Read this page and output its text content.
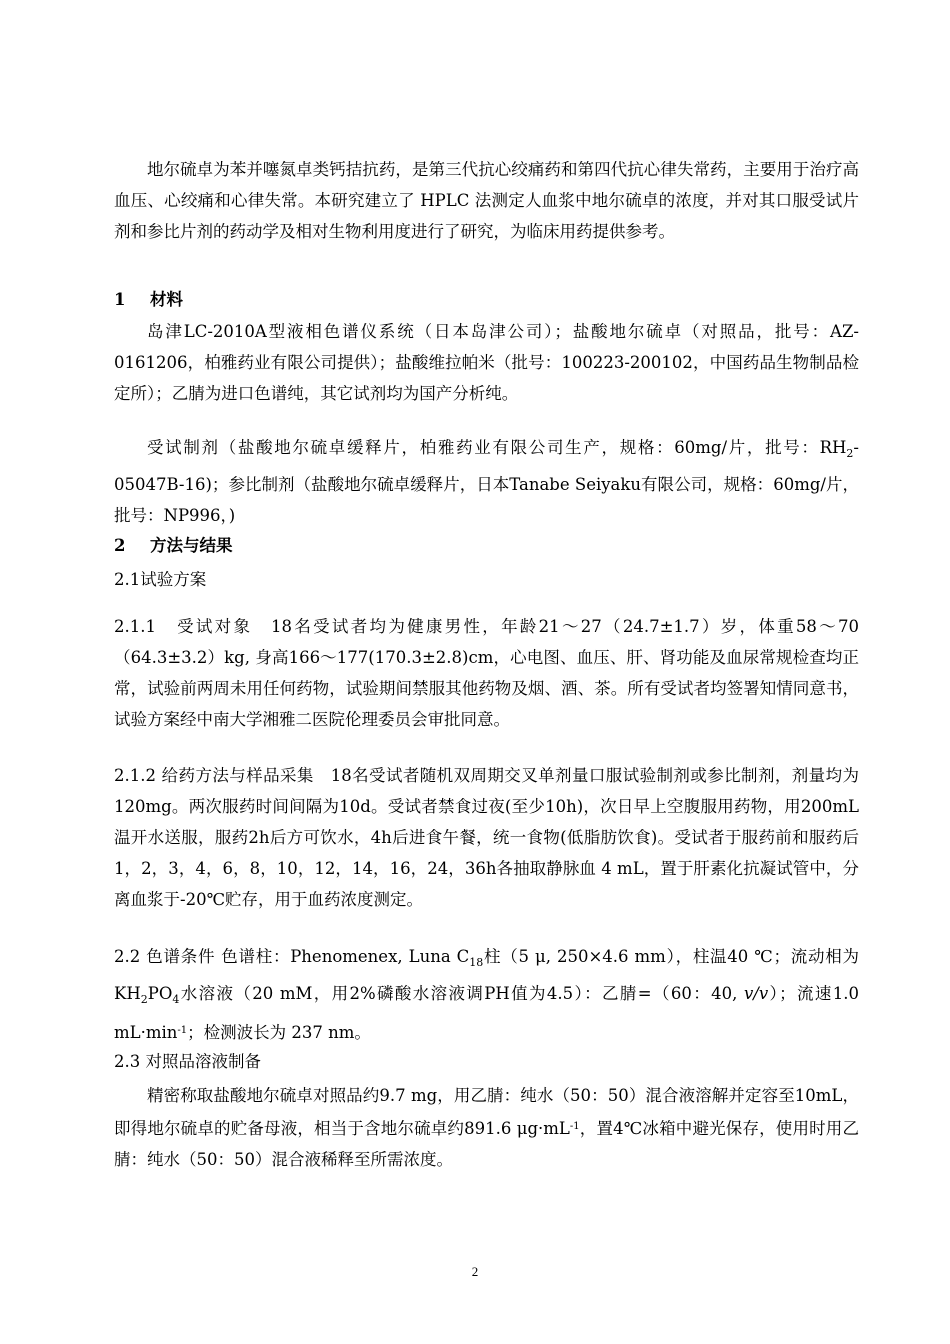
地尔硫卓为苯并噻氮卓类钙拮抗药，是第三代抗心绞痛药和第四代抗心律失常药，主要用于治疗高血压、心绞痛和心律失常。本研究建立了 HPLC 法测定人血浆中地尔硫卓的浓度，并对其口服受试片剂和参比片剂的药动学及相对生物利用度进行了研究，为临床用药提供参考。

1 材料

岛津LC-2010A型液相色谱仪系统（日本岛津公司）；盐酸地尔硫卓（对照品，批号：AZ-0161206，柏雅药业有限公司提供）；盐酸维拉帕米（批号：100223-200102，中国药品生物制品检定所）；乙腈为进口色谱纯，其它试剂均为国产分析纯。

受试制剂（盐酸地尔硫卓缓释片，柏雅药业有限公司生产，规格：60mg/片，批号：$RH_2-05047B-16$)；参比制剂（盐酸地尔硫卓缓释片，日本Tanabe Seiyaku有限公司，规格：60mg/片，批号：NP996，)

2 方法与结果

2.1试验方案

2.1.1　受试对象　18名受试者均为健康男性，年龄21～27（24.7±1.7）岁，体重58～70（64.3±3.2）kg, 身高166～177(170.3±2.8)cm，心电图、血压、肝、肾功能及血尿常规检查均正常，试验前两周未用任何药物，试验期间禁服其他药物及烟、酒、茶。所有受试者均签署知情同意书，试验方案经中南大学湘雅二医院伦理委员会审批同意。

2.1.2 给药方法与样品采集　18名受试者随机双周期交叉单剂量口服试验制剂或参比制剂，剂量均为120mg。两次服药时间间隔为10d。受试者禁食过夜(至少10h)，次日早上空腹服用药物，用200mL温开水送服，服药2h后方可饮水，4h后进食午餐，统一食物(低脂肪饮食)。受试者于服药前和服药后1，2，3，4，6，8，10，12，14，16，24，36h各抽取静脉血 4 mL，置于肝素化抗凝试管中，分离血浆于-20℃贮存，用于血药浓度测定。

2.2 色谱条件 色谱柱：Phenomenex, Luna $C_{18}$柱（5 μ, 250×4.6 mm），柱温40 ℃；流动相为$KH_2PO_4$水溶液（20 mM，用2%磷酸水溶液调PH值为4.5）：乙腈=（60：40, v/v）；流速1.0 $mL\cdot\min^{-1}$；检测波长为 237 nm。

2.3 对照品溶液制备

精密称取盐酸地尔硫卓对照品约9.7 mg，用乙腈：纯水（50：50）混合液溶解并定容至10mL，即得地尔硫卓的贮备母液，相当于含地尔硫卓约891.6 $\mu g\cdot mL^{-1}$，置4℃冰箱中避光保存，使用时用乙腈：纯水（50：50）混合液稀释至所需浓度。

2
